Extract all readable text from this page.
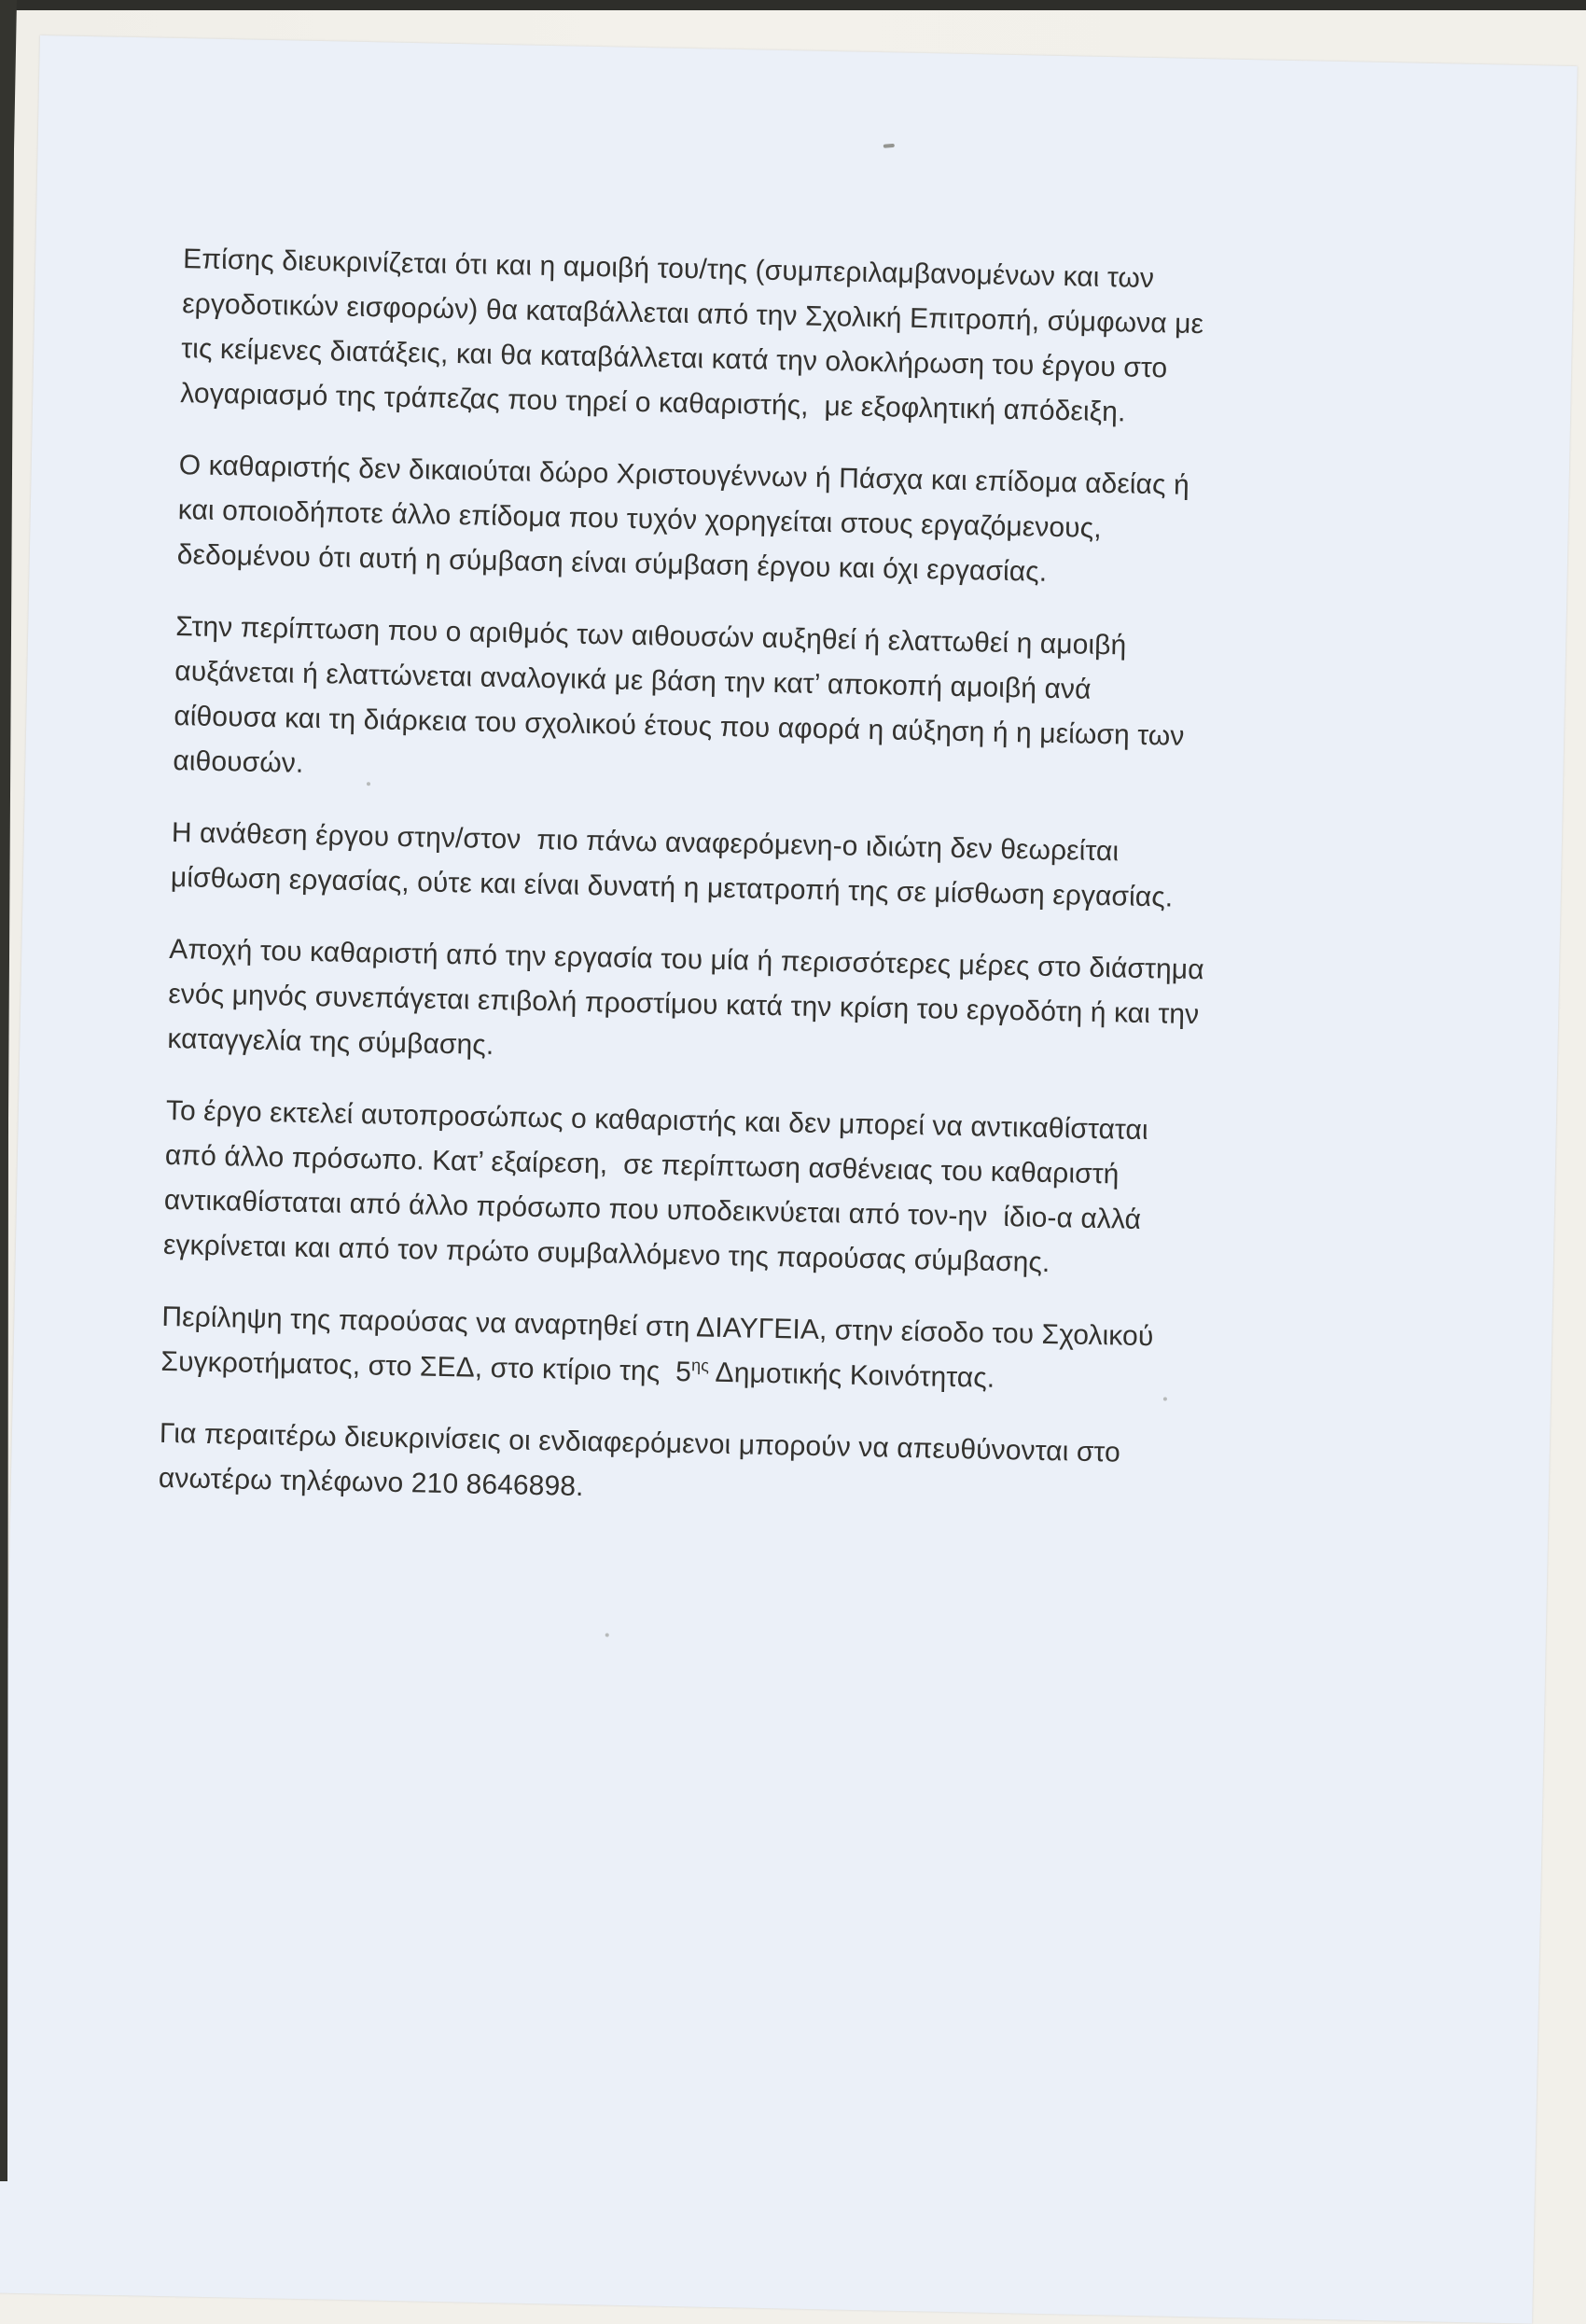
Επίσης διευκρινίζεται ότι και η αμοιβή του/της (συμπεριλαμβανομένων και των
εργοδοτικών εισφορών) θα καταβάλλεται από την Σχολική Επιτροπή, σύμφωνα με
τις κείμενες διατάξεις, και θα καταβάλλεται κατά την ολοκλήρωση του έργου στο
λογαριασμό της τράπεζας που τηρεί ο καθαριστής,  με εξοφλητική απόδειξη.
Ο καθαριστής δεν δικαιούται δώρο Χριστουγέννων ή Πάσχα και επίδομα αδείας ή
και οποιοδήποτε άλλο επίδομα που τυχόν χορηγείται στους εργαζόμενους,
δεδομένου ότι αυτή η σύμβαση είναι σύμβαση έργου και όχι εργασίας.
Στην περίπτωση που ο αριθμός των αιθουσών αυξηθεί ή ελαττωθεί η αμοιβή
αυξάνεται ή ελαττώνεται αναλογικά με βάση την κατ’ αποκοπή αμοιβή ανά
αίθουσα και τη διάρκεια του σχολικού έτους που αφορά η αύξηση ή η μείωση των
αιθουσών.
Η ανάθεση έργου στην/στον  πιο πάνω αναφερόμενη-ο ιδιώτη δεν θεωρείται
μίσθωση εργασίας, ούτε και είναι δυνατή η μετατροπή της σε μίσθωση εργασίας.
Αποχή του καθαριστή από την εργασία του μία ή περισσότερες μέρες στο διάστημα
ενός μηνός συνεπάγεται επιβολή προστίμου κατά την κρίση του εργοδότη ή και την
καταγγελία της σύμβασης.
Το έργο εκτελεί αυτοπροσώπως ο καθαριστής και δεν μπορεί να αντικαθίσταται
από άλλο πρόσωπο. Κατ’ εξαίρεση,  σε περίπτωση ασθένειας του καθαριστή
αντικαθίσταται από άλλο πρόσωπο που υποδεικνύεται από τον-ην  ίδιο-α αλλά
εγκρίνεται και από τον πρώτο συμβαλλόμενο της παρούσας σύμβασης.
Περίληψη της παρούσας να αναρτηθεί στη ΔΙΑΥΓΕΙΑ, στην είσοδο του Σχολικού
Συγκροτήματος, στο ΣΕΔ, στο κτίριο της  $5^{\eta\varsigma}$ Δημοτικής Κοινότητας.
Για περαιτέρω διευκρινίσεις οι ενδιαφερόμενοι μπορούν να απευθύνονται στο
ανωτέρω τηλέφωνο 210 8646898.
